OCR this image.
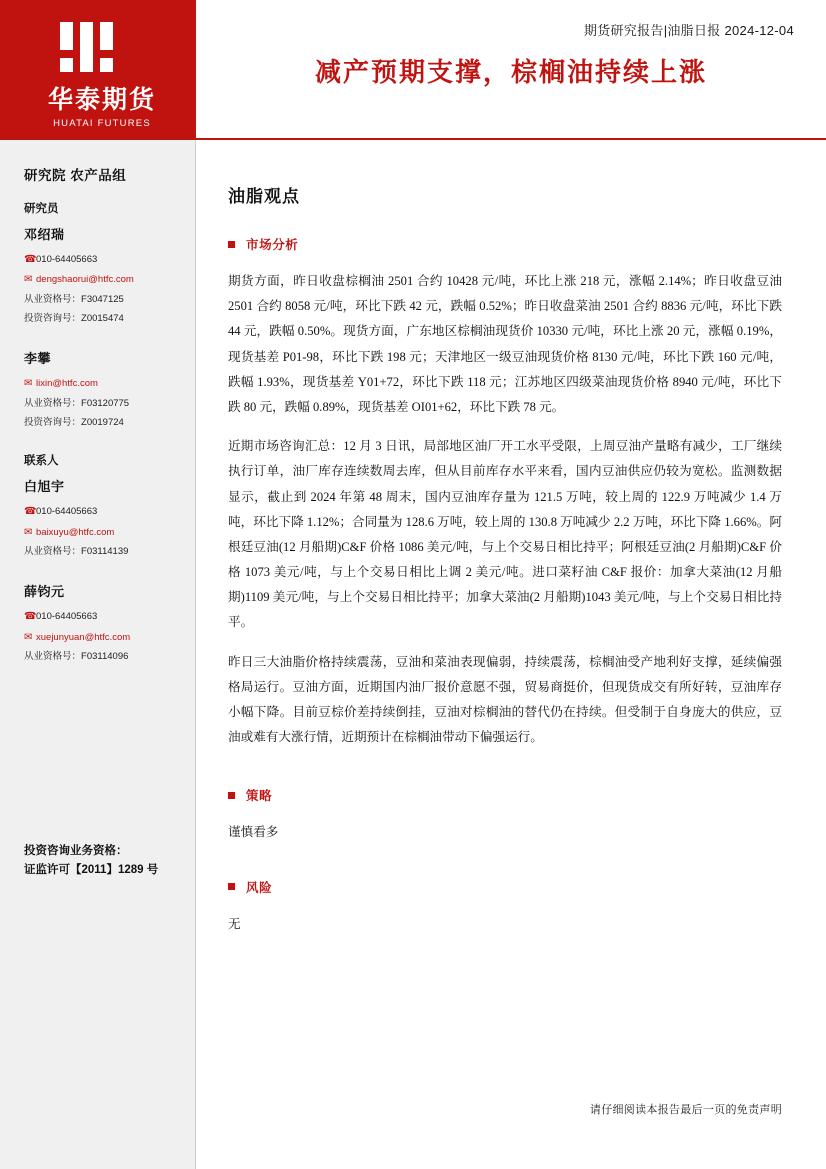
华泰期货
HUATAI FUTURES
期货研究报告|油脂日报 2024-12-04
减产预期支撑，棕榈油持续上涨
研究院 农产品组
研究员
邓绍瑞
☎010-64405663
✉ dengshaorui@htfc.com
从业资格号：F3047125
投资咨询号：Z0015474
李攀
✉ lixin@htfc.com
从业资格号：F03120775
投资咨询号：Z0019724
联系人
白旭宇
☎010-64405663
✉ baixuyu@htfc.com
从业资格号：F03114139
薛钧元
☎010-64405663
✉ xuejunyuan@htfc.com
从业资格号：F03114096
投资咨询业务资格：
证监许可【2011】1289 号
油脂观点
市场分析

期货方面，昨日收盘棕榈油 2501 合约 10428 元/吨，环比上涨 218 元，涨幅 2.14%；昨日收盘豆油 2501 合约 8058 元/吨，环比下跌 42 元，跌幅 0.52%；昨日收盘菜油 2501 合约 8836 元/吨，环比下跌 44 元，跌幅 0.50%。现货方面，广东地区棕榈油现货价 10330 元/吨，环比上涨 20 元，涨幅 0.19%，现货基差 P01-98，环比下跌 198 元；天津地区一级豆油现货价格 8130 元/吨，环比下跌 160 元/吨，跌幅 1.93%，现货基差 Y01+72，环比下跌 118 元；江苏地区四级菜油现货价格 8940 元/吨，环比下跌 80 元，跌幅 0.89%，现货基差 OI01+62，环比下跌 78 元。

近期市场咨询汇总：12 月 3 日讯，局部地区油厂开工水平受限，上周豆油产量略有减少，工厂继续执行订单，油厂库存连续数周去库，但从目前库存水平来看，国内豆油供应仍较为宽松。监测数据显示，截止到 2024 年第 48 周末，国内豆油库存量为 121.5 万吨，较上周的 122.9 万吨减少 1.4 万吨，环比下降 1.12%；合同量为 128.6 万吨，较上周的 130.8 万吨减少 2.2 万吨，环比下降 1.66%。阿根廷豆油(12 月船期)C&F 价格 1086 美元/吨，与上个交易日相比持平；阿根廷豆油(2 月船期)C&F 价格 1073 美元/吨，与上个交易日相比上调 2 美元/吨。进口菜籽油 C&F 报价：加拿大菜油(12 月船期)1109 美元/吨，与上个交易日相比持平；加拿大菜油(2 月船期)1043 美元/吨，与上个交易日相比持平。

昨日三大油脂价格持续震荡，豆油和菜油表现偏弱，持续震荡，棕榈油受产地利好支撑，延续偏强格局运行。豆油方面，近期国内油厂报价意愿不强，贸易商挺价，但现货成交有所好转，豆油库存小幅下降。目前豆棕价差持续倒挂，豆油对棕榈油的替代仍在持续。但受制于自身庞大的供应，豆油或难有大涨行情，近期预计在棕榈油带动下偏强运行。

策略
谨慎看多
风险
无
请仔细阅读本报告最后一页的免责声明
